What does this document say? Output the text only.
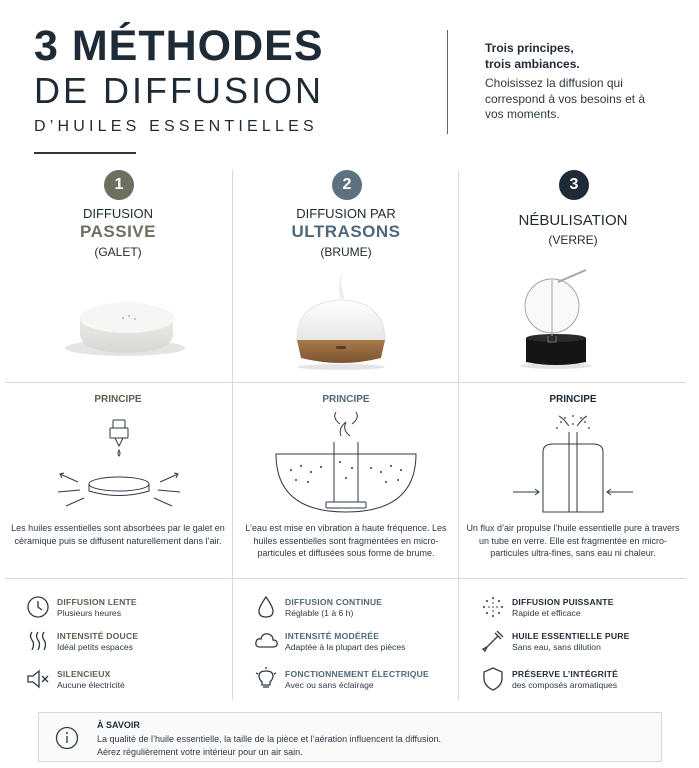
3 MÉTHODES
DE DIFFUSION
D’HUILES ESSENTIELLES
Trois principes,
trois ambiances.
Choisissez la diffusion qui correspond à vos besoins et à vos moments.
1
DIFFUSION
PASSIVE
(GALET)
PRINCIPE
Les huiles essentielles sont absorbées par le galet en céramique puis se diffusent naturellement dans l’air.
DIFFUSION LENTE
Plusieurs heures
INTENSITÉ DOUCE
Idéal petits espaces
SILENCIEUX
Aucune électricité
2
DIFFUSION PAR
ULTRASONS
(BRUME)
PRINCIPE
L’eau est mise en vibration à haute fréquence. Les huiles essentielles sont fragmentées en micro-particules et diffusées sous forme de brume.
DIFFUSION CONTINUE
Réglable (1 à 6 h)
INTENSITÉ MODÉRÉE
Adaptée à la plupart des pièces
FONCTIONNEMENT ÉLECTRIQUE
Avec ou sans éclairage
3
NÉBULISATION
(VERRE)
PRINCIPE
Un flux d’air propulse l’huile essentielle pure à travers un tube en verre. Elle est fragmentée en micro-particules ultra-fines, sans eau ni chaleur.
DIFFUSION PUISSANTE
Rapide et efficace
HUILE ESSENTIELLE PURE
Sans eau, sans dilution
PRÉSERVE L’INTÉGRITÉ
des composés aromatiques
À SAVOIR
La qualité de l’huile essentielle, la taille de la pièce et l’aération influencent la diffusion.
Aérez régulièrement votre intérieur pour un air sain.
